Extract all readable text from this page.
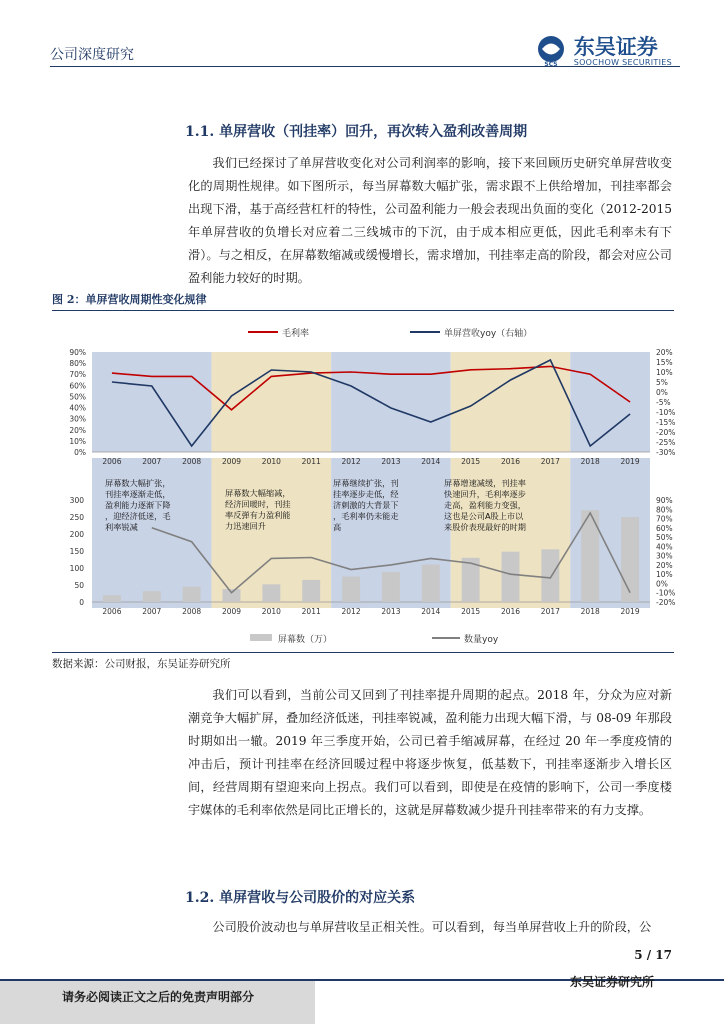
公司深度研究
SCS
东吴证券
SOOCHOW SECURITIES
1.1. 单屏营收（刊挂率）回升，再次转入盈利改善周期
我们已经探讨了单屏营收变化对公司利润率的影响，接下来回顾历史研究单屏营收变化的周期性规律。如下图所示，每当屏幕数大幅扩张，需求跟不上供给增加，刊挂率都会出现下滑，基于高经营杠杆的特性，公司盈利能力一般会表现出负面的变化（2012-2015 年单屏营收的负增长对应着二三线城市的下沉，由于成本相应更低，因此毛利率未有下滑）。与之相反，在屏幕数缩减或缓慢增长，需求增加，刊挂率走高的阶段，都会对应公司盈利能力较好的时期。
图 2：单屏营收周期性变化规律
0%
10%
20%
30%
40%
50%
60%
70%
80%
90%
-30%
-25%
-20%
-15%
-10%
-5%
0%
5%
10%
15%
20%
2006	2007	2008	2009	2010	2011	2012	2013	2014	2015	2016	2017	2018	2019
0
50
100
150
200
250
300
-20%
-10%
0%
10%
20%
30%
40%
50%
60%
70%
80%
90%
2006	2007	2008	2009	2010	2011	2012	2013	2014	2015	2016	2017	2018	2019
屏幕数大幅扩张，刊挂率逐渐走低，盈利能力逐渐下降，迎经济低迷，毛利率锐减
屏幕数大幅缩减，经济回暖时，刊挂率反弹有力盈利能力迅速回升
屏幕继续扩张，刊挂率逐步走低，经济刺激的大背景下，毛利率仍未能走高
屏幕增速减缓，刊挂率快速回升，毛利率逐步走高，盈利能力变强，这也是公司A股上市以来股价表现最好的时期
毛利率	单屏营收yoy（右轴）
屏幕数（万）	数量yoy
数据来源：公司财报，东吴证券研究所
我们可以看到，当前公司又回到了刊挂率提升周期的起点。2018 年，分众为应对新潮竞争大幅扩屏，叠加经济低迷，刊挂率锐减，盈利能力出现大幅下滑，与 08-09 年那段时期如出一辙。2019 年三季度开始，公司已着手缩减屏幕，在经过 20 年一季度疫情的冲击后，预计刊挂率在经济回暖过程中将逐步恢复，低基数下，刊挂率逐渐步入增长区间，经营周期有望迎来向上拐点。我们可以看到，即使是在疫情的影响下，公司一季度楼宇媒体的毛利率依然是同比正增长的，这就是屏幕数减少提升刊挂率带来的有力支撑。
1.2. 单屏营收与公司股价的对应关系
公司股价波动也与单屏营收呈正相关性。可以看到，每当单屏营收上升的阶段，公
5 / 17
请务必阅读正文之后的免责声明部分
东吴证券研究所
